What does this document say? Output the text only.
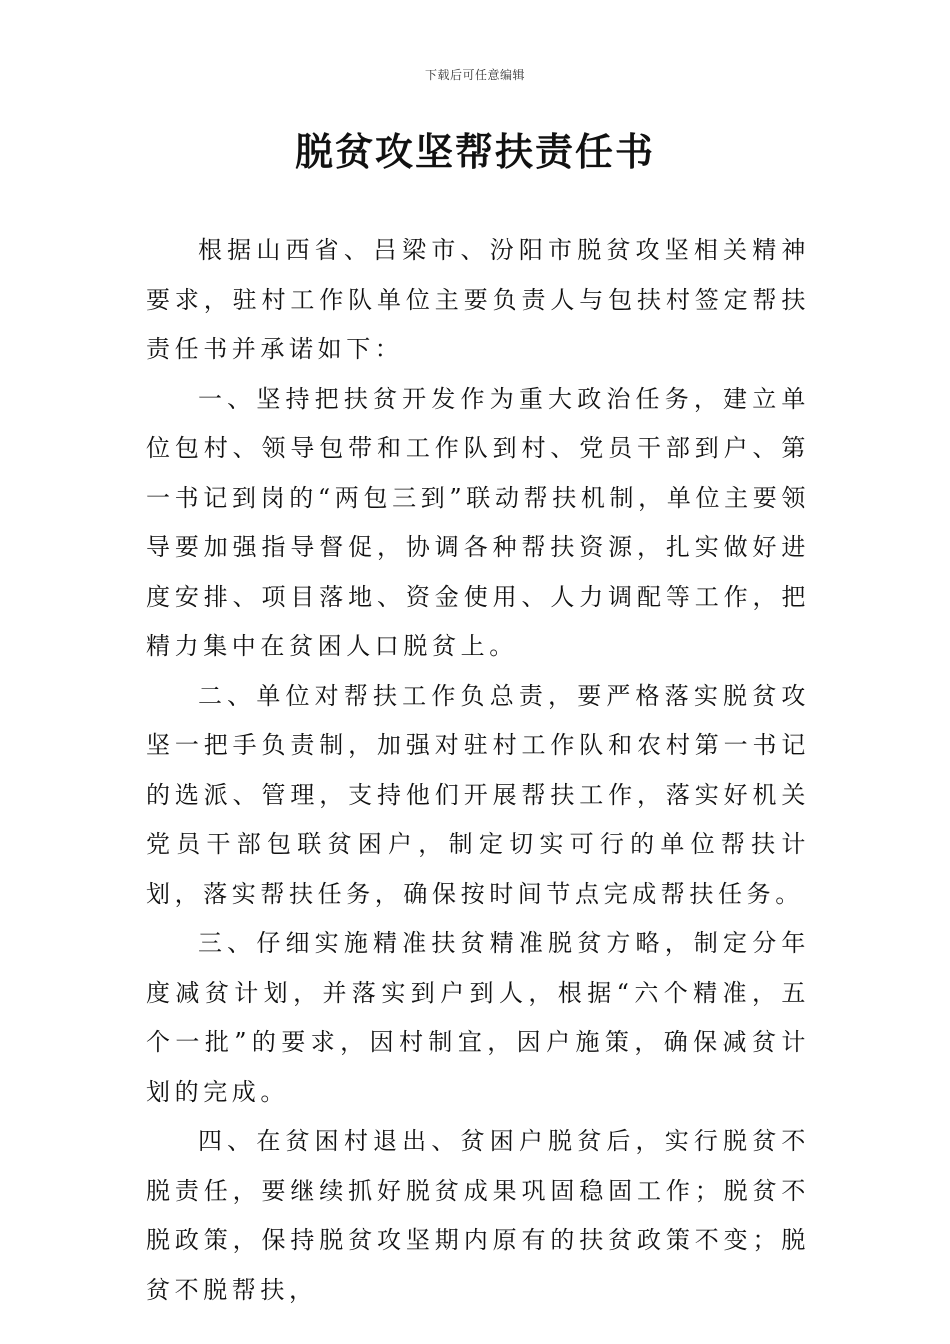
下载后可任意编辑
脱贫攻坚帮扶责任书

根据山西省、吕梁市、汾阳市脱贫攻坚相关精神要求，驻村工作队单位主要负责人与包扶村签定帮扶责任书并承诺如下：

一、坚持把扶贫开发作为重大政治任务，建立单位包村、领导包带和工作队到村、党员干部到户、第一书记到岗的“两包三到”联动帮扶机制，单位主要领导要加强指导督促，协调各种帮扶资源，扎实做好进度安排、项目落地、资金使用、人力调配等工作，把精力集中在贫困人口脱贫上。

二、单位对帮扶工作负总责，要严格落实脱贫攻坚一把手负责制，加强对驻村工作队和农村第一书记的选派、管理，支持他们开展帮扶工作，落实好机关党员干部包联贫困户，制定切实可行的单位帮扶计划，落实帮扶任务，确保按时间节点完成帮扶任务。

三、仔细实施精准扶贫精准脱贫方略，制定分年度减贫计划，并落实到户到人，根据“六个精准，五个一批”的要求，因村制宜，因户施策，确保减贫计划的完成。

四、在贫困村退出、贫困户脱贫后，实行脱贫不脱责任，要继续抓好脱贫成果巩固稳固工作；脱贫不脱政策，保持脱贫攻坚期内原有的扶贫政策不变；脱贫不脱帮扶，
